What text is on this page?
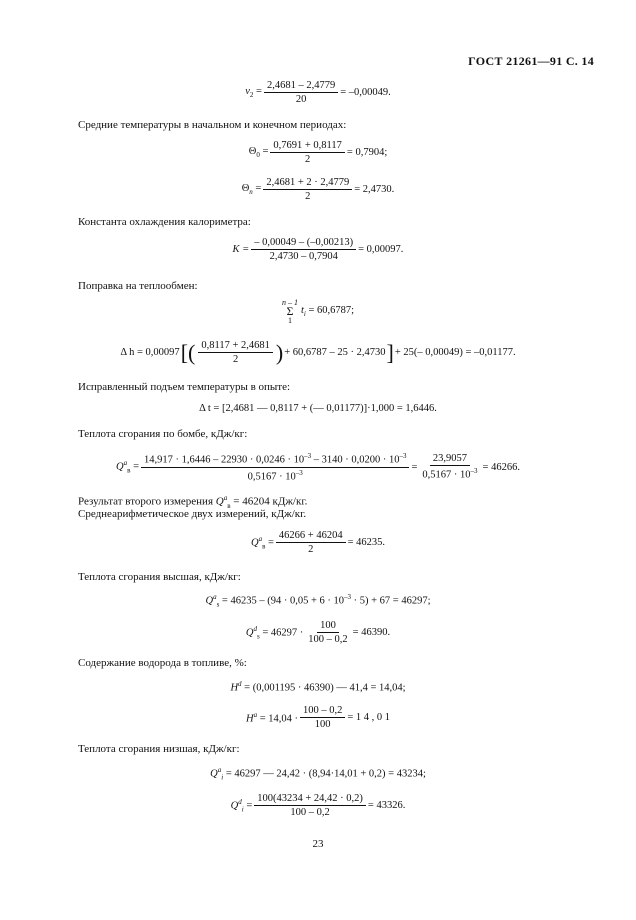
ГОСТ 21261—91 С. 14
$v_2 = \frac{2,4681 - 2,4779}{20} = -0,00049$.
Средние температуры в начальном и конечном периодах:
$\Theta_0 = \frac{0,7691 + 0,8117}{2} = 0,7904$;
$\Theta_n = \frac{2,4681 + 2 \cdot 2,4779}{2} = 2,4730$.
Константа охлаждения калориметра:
$K = \frac{- 0,00049 - (-0,00213)}{2,4730 - 0,7904} = 0,00097$.
Поправка на теплообмен:
n – 1
Σ
1
$t_i = 60,6787$;
Δ h = 0,00097 [( $\frac{0,8117 + 2,4681}{2}$ ) + 60,6787 – 25 · 2,4730 ] + 25(– 0,00049) = –0,01177.
Исправленный подъем температуры в опыте:
Δ t = [2,4681 — 0,8117 + (— 0,01177)]·1,000 = 1,6446.
Теплота сгорания по бомбе, кДж/кг:
$Q^a_в$ =
$14,917 \cdot 1,6446 - 22930 \cdot 0,0246 \cdot 10^{-3} - 3140 \cdot 0,0200 \cdot 10^{-3}$
$0,5167 \cdot 10^{-3}$	= $\frac{23,9057}{0,5167 \cdot 10^{-3}} = 46266$.
Результат второго измерения $Q^a_в = 46204$ кДж/кг.
Среднеарифметическое двух измерений, кДж/кг.
$Q^a_в = \frac{46266 + 46204}{2} = 46235$.
Теплота сгорания высшая, кДж/кг:
$Q^a_s = 46235 - (94 \cdot 0,05 + 6 \cdot 10^{-3} \cdot 5) + 67 = 46297$;
$Q^d_s = 46297 \cdot \frac{100}{100 - 0,2} = 46390$.
Содержание водорода в топливе, %:
$H^d = (0,001195 \cdot 46390)$ — 41,4 = 14,04;
$H^a = 14,04 \cdot \frac{100 - 0,2}{100} = 1$ 4 , 0 1
Теплота сгорания низшая, кДж/кг:
$Q^a_i = 46297$ — 24,42 · (8,94·14,01 + 0,2) = 43234;
$Q^d_i = \frac{100(43234 + 24,42 \cdot 0,2)}{100 - 0,2} = 43326$.
23
